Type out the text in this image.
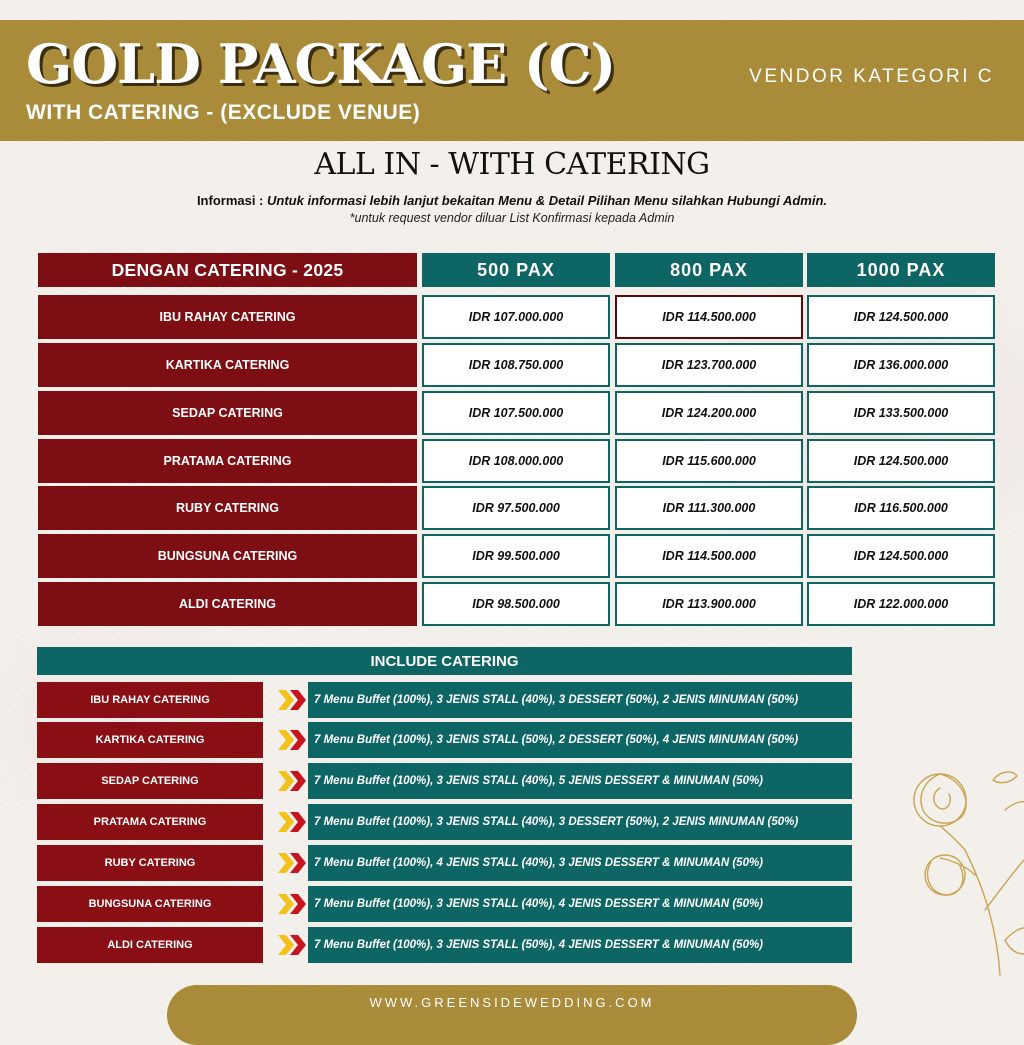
GOLD PACKAGE (C)
WITH CATERING - (EXCLUDE VENUE)
VENDOR KATEGORI C
ALL IN - WITH CATERING
Informasi : Untuk informasi lebih lanjut bekaitan Menu & Detail Pilihan Menu silahkan Hubungi Admin.
*untuk request vendor diluar List Konfirmasi kepada Admin
DENGAN CATERING - 2025	500 PAX	800 PAX	1000 PAX
IBU RAHAY CATERING	IDR 107.000.000	IDR 114.500.000	IDR 124.500.000
KARTIKA CATERING	IDR 108.750.000	IDR 123.700.000	IDR 136.000.000
SEDAP CATERING	IDR 107.500.000	IDR 124.200.000	IDR 133.500.000
PRATAMA CATERING	IDR 108.000.000	IDR 115.600.000	IDR 124.500.000
RUBY CATERING	IDR 97.500.000	IDR 111.300.000	IDR 116.500.000
BUNGSUNA CATERING	IDR 99.500.000	IDR 114.500.000	IDR 124.500.000
ALDI CATERING	IDR 98.500.000	IDR 113.900.000	IDR 122.000.000
INCLUDE CATERING
IBU RAHAY CATERING	7 Menu Buffet (100%), 3 JENIS STALL (40%), 3 DESSERT (50%), 2 JENIS MINUMAN (50%)
KARTIKA CATERING	7 Menu Buffet (100%), 3 JENIS STALL (50%), 2 DESSERT (50%), 4 JENIS MINUMAN (50%)
SEDAP CATERING	7 Menu Buffet (100%), 3 JENIS STALL (40%), 5 JENIS DESSERT & MINUMAN (50%)
PRATAMA CATERING	7 Menu Buffet (100%), 3 JENIS STALL (40%), 3 DESSERT (50%), 2 JENIS MINUMAN (50%)
RUBY CATERING	7 Menu Buffet (100%), 4 JENIS STALL (40%), 3 JENIS DESSERT & MINUMAN (50%)
BUNGSUNA CATERING	7 Menu Buffet (100%), 3 JENIS STALL (40%), 4 JENIS DESSERT & MINUMAN (50%)
ALDI CATERING	7 Menu Buffet (100%), 3 JENIS STALL (50%), 4 JENIS DESSERT & MINUMAN (50%)
WWW.GREENSIDEWEDDING.COM
